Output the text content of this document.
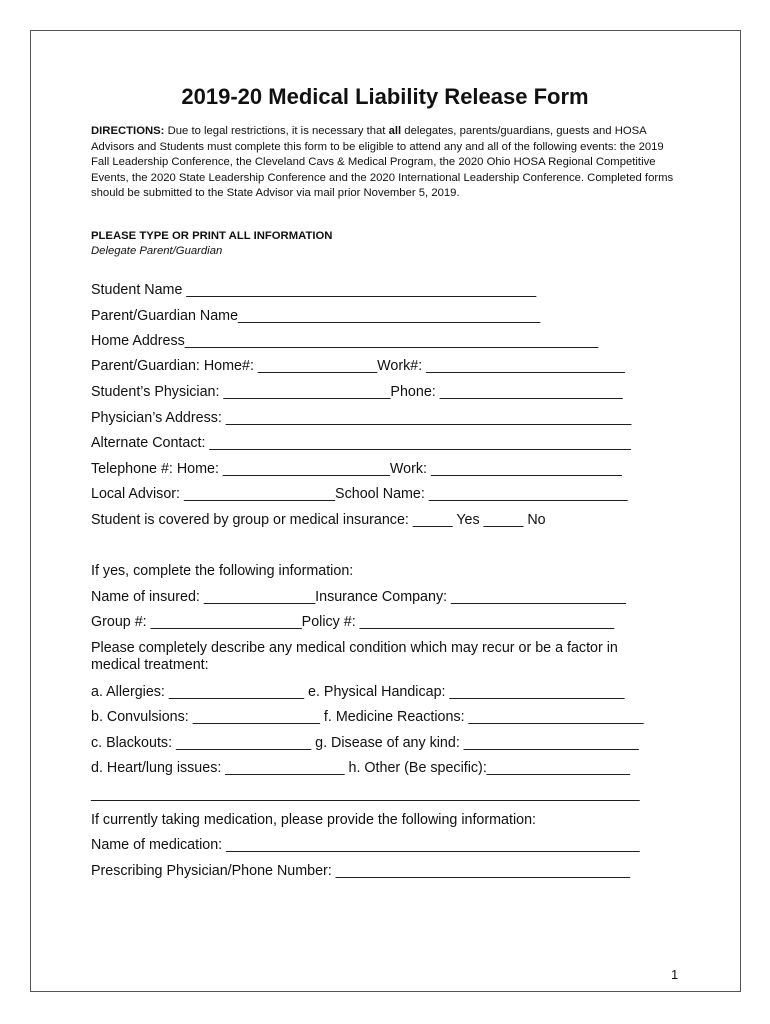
2019-20 Medical Liability Release Form
DIRECTIONS: Due to legal restrictions, it is necessary that all delegates, parents/guardians, guests and HOSA Advisors and Students must complete this form to be eligible to attend any and all of the following events: the 2019 Fall Leadership Conference, the Cleveland Cavs & Medical Program, the 2020 Ohio HOSA Regional Competitive Events, the 2020 State Leadership Conference and the 2020 International Leadership Conference. Completed forms should be submitted to the State Advisor via mail prior November 5, 2019.
PLEASE TYPE OR PRINT ALL INFORMATION
Delegate Parent/Guardian
Student Name ____________________________________________
Parent/Guardian Name______________________________________
Home Address____________________________________________________
Parent/Guardian: Home#: _______________Work#: _________________________
Student’s Physician: _____________________Phone: _______________________
Physician’s Address: ___________________________________________________
Alternate Contact: _____________________________________________________
Telephone #: Home: _____________________Work: ________________________
Local Advisor: ___________________School Name: _________________________
Student is covered by group or medical insurance: _____ Yes _____ No
If yes, complete the following information:
Name of insured: ______________Insurance Company: ______________________
Group #: ___________________Policy #: ________________________________
Please completely describe any medical condition which may recur or be a factor in medical treatment:
a. Allergies: _________________ e. Physical Handicap: ______________________
b. Convulsions: ________________ f. Medicine Reactions: ______________________
c. Blackouts: _________________ g. Disease of any kind: ______________________
d. Heart/lung issues: _______________ h. Other (Be specific):__________________
_____________________________________________________________________
If currently taking medication, please provide the following information:
Name of medication: ____________________________________________________
Prescribing Physician/Phone Number: _____________________________________
1
